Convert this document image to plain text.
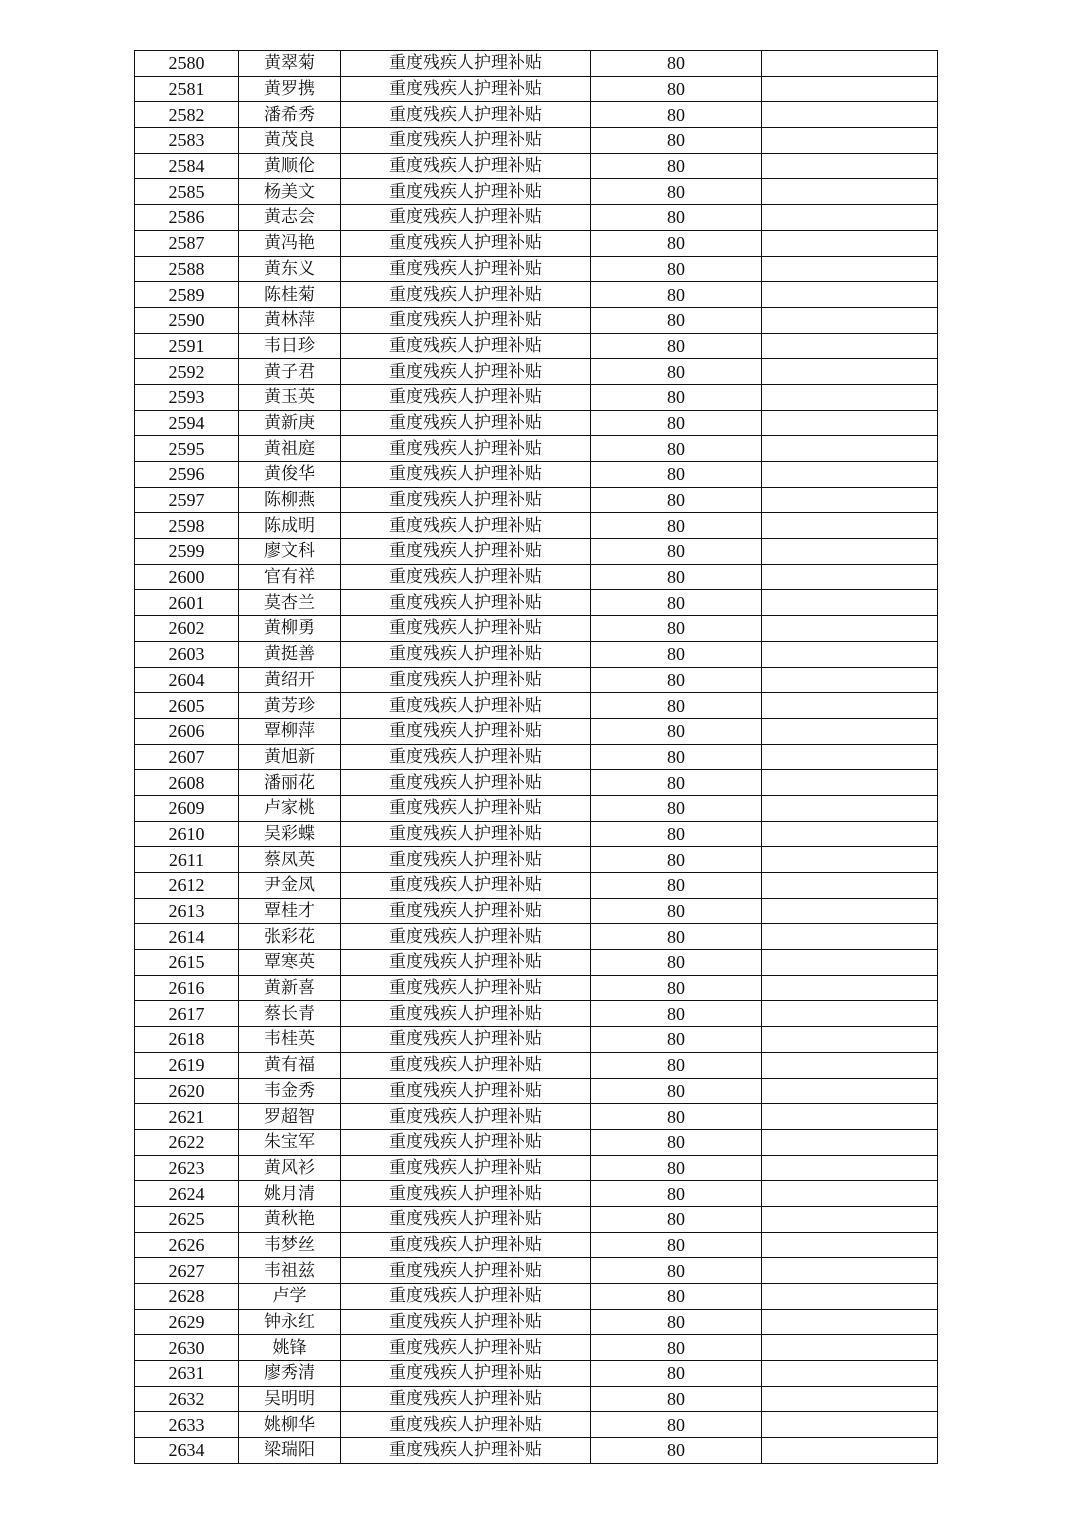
2580	黄翠菊	重度残疾人护理补贴	80	
2581	黄罗携	重度残疾人护理补贴	80	
2582	潘希秀	重度残疾人护理补贴	80	
2583	黄茂良	重度残疾人护理补贴	80	
2584	黄顺伦	重度残疾人护理补贴	80	
2585	杨美文	重度残疾人护理补贴	80	
2586	黄志会	重度残疾人护理补贴	80	
2587	黄冯艳	重度残疾人护理补贴	80	
2588	黄东义	重度残疾人护理补贴	80	
2589	陈桂菊	重度残疾人护理补贴	80	
2590	黄林萍	重度残疾人护理补贴	80	
2591	韦日珍	重度残疾人护理补贴	80	
2592	黄子君	重度残疾人护理补贴	80	
2593	黄玉英	重度残疾人护理补贴	80	
2594	黄新庚	重度残疾人护理补贴	80	
2595	黄祖庭	重度残疾人护理补贴	80	
2596	黄俊华	重度残疾人护理补贴	80	
2597	陈柳燕	重度残疾人护理补贴	80	
2598	陈成明	重度残疾人护理补贴	80	
2599	廖文科	重度残疾人护理补贴	80	
2600	官有祥	重度残疾人护理补贴	80	
2601	莫杏兰	重度残疾人护理补贴	80	
2602	黄柳勇	重度残疾人护理补贴	80	
2603	黄挺善	重度残疾人护理补贴	80	
2604	黄绍开	重度残疾人护理补贴	80	
2605	黄芳珍	重度残疾人护理补贴	80	
2606	覃柳萍	重度残疾人护理补贴	80	
2607	黄旭新	重度残疾人护理补贴	80	
2608	潘丽花	重度残疾人护理补贴	80	
2609	卢家桃	重度残疾人护理补贴	80	
2610	吴彩蝶	重度残疾人护理补贴	80	
2611	蔡凤英	重度残疾人护理补贴	80	
2612	尹金凤	重度残疾人护理补贴	80	
2613	覃桂才	重度残疾人护理补贴	80	
2614	张彩花	重度残疾人护理补贴	80	
2615	覃寒英	重度残疾人护理补贴	80	
2616	黄新喜	重度残疾人护理补贴	80	
2617	蔡长青	重度残疾人护理补贴	80	
2618	韦桂英	重度残疾人护理补贴	80	
2619	黄有福	重度残疾人护理补贴	80	
2620	韦金秀	重度残疾人护理补贴	80	
2621	罗超智	重度残疾人护理补贴	80	
2622	朱宝军	重度残疾人护理补贴	80	
2623	黄风衫	重度残疾人护理补贴	80	
2624	姚月清	重度残疾人护理补贴	80	
2625	黄秋艳	重度残疾人护理补贴	80	
2626	韦梦丝	重度残疾人护理补贴	80	
2627	韦祖兹	重度残疾人护理补贴	80	
2628	卢学	重度残疾人护理补贴	80	
2629	钟永红	重度残疾人护理补贴	80	
2630	姚锋	重度残疾人护理补贴	80	
2631	廖秀清	重度残疾人护理补贴	80	
2632	吴明明	重度残疾人护理补贴	80	
2633	姚柳华	重度残疾人护理补贴	80	
2634	梁瑞阳	重度残疾人护理补贴	80	
